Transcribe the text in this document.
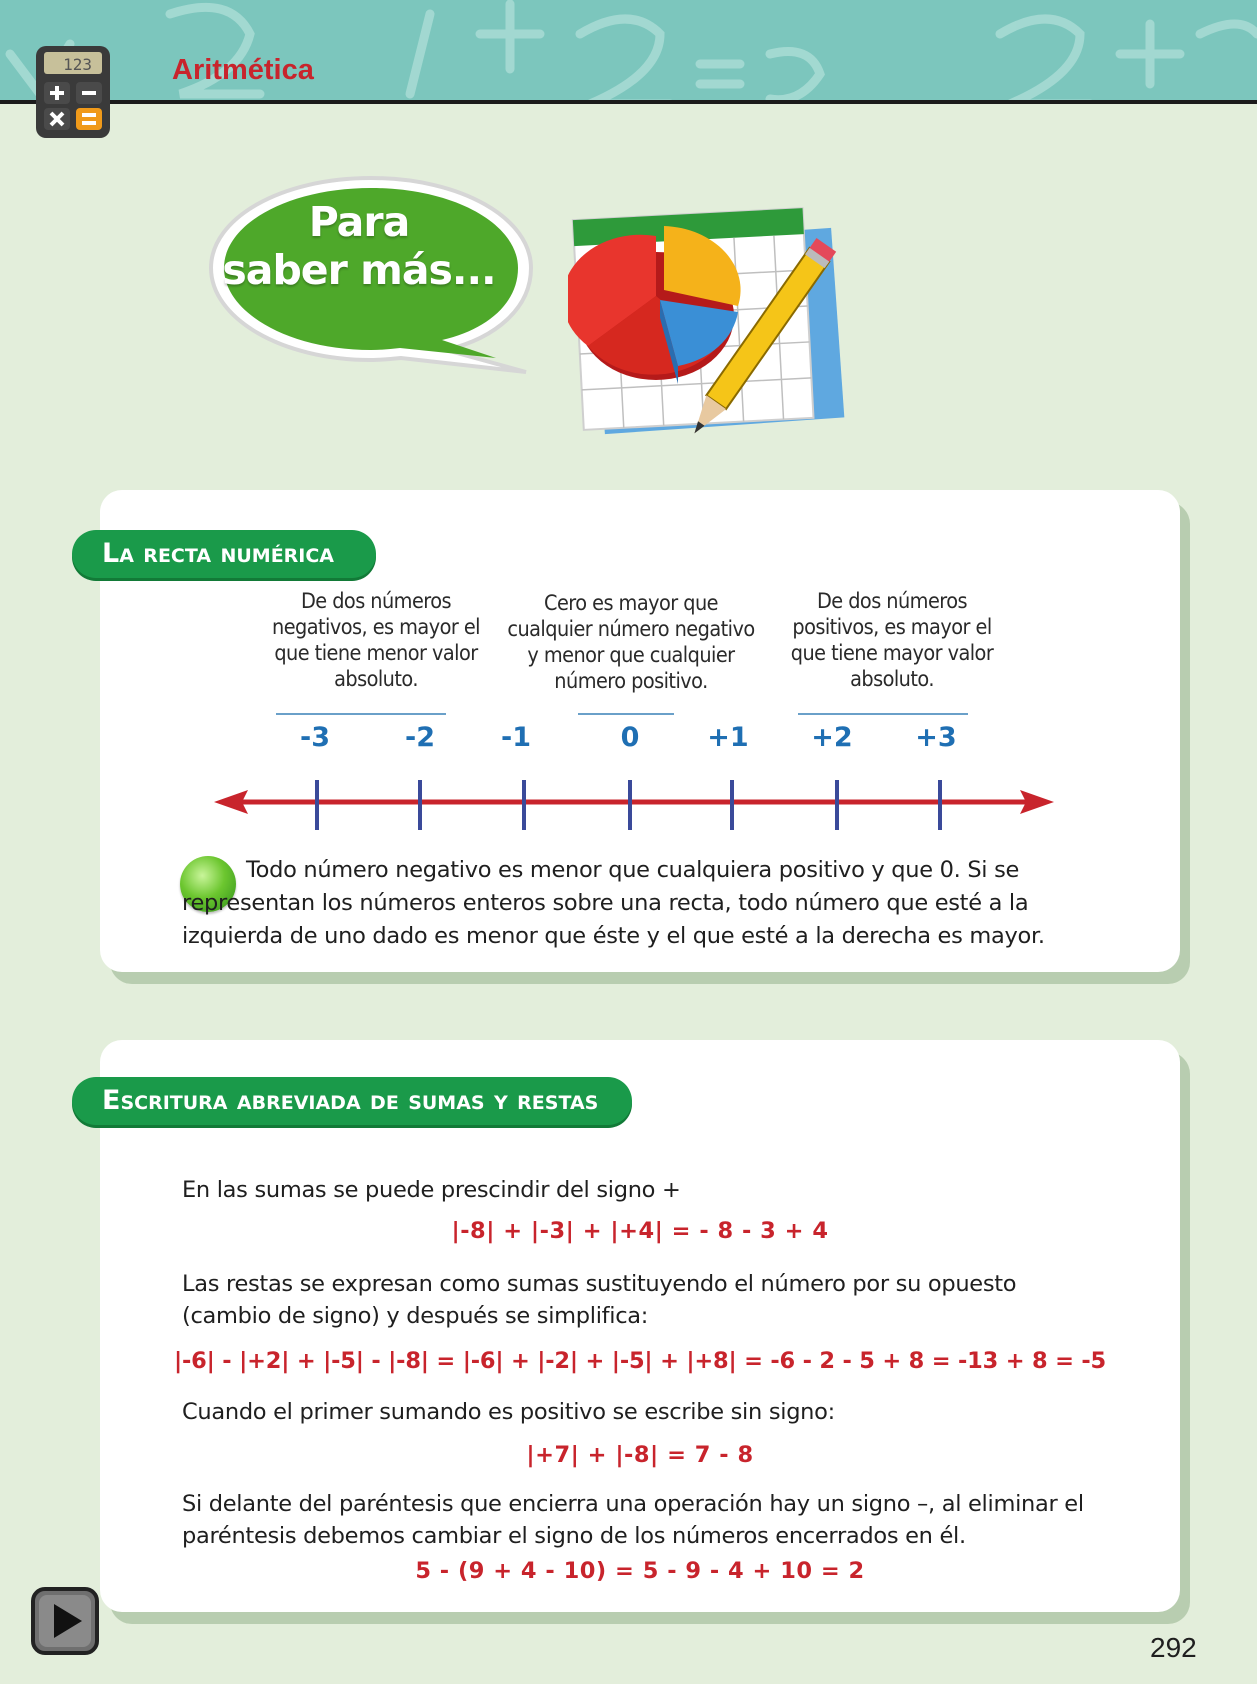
123	Aritmética
Para
saber más...
La recta numérica
De dos números negativos, es mayor el que tiene menor valor absoluto.
Cero es mayor que cualquier número negativo y menor que cualquier número positivo.
De dos números positivos, es mayor el que tiene mayor valor absoluto.
-3	-2	-1	0	+1	+2	+3
Todo número negativo es menor que cualquiera positivo y que 0. Si se representan los números enteros sobre una recta, todo número que esté a la izquierda de uno dado es menor que éste y el que esté a la derecha es mayor.
Escritura abreviada de sumas y restas
En las sumas se puede prescindir del signo +
|-8| + |-3| + |+4| = - 8 - 3 + 4
Las restas se expresan como sumas sustituyendo el número por su opuesto (cambio de signo) y después se simplifica:
|-6| - |+2| + |-5| - |-8| = |-6| + |-2| + |-5| + |+8| = -6 - 2 - 5 + 8 = -13 + 8 = -5
Cuando el primer sumando es positivo se escribe sin signo:
|+7| + |-8| = 7 - 8
Si delante del paréntesis que encierra una operación hay un signo –, al eliminar el paréntesis debemos cambiar el signo de los números encerrados en él.
5 - (9 + 4 - 10) = 5 - 9 - 4 + 10 = 2
292
